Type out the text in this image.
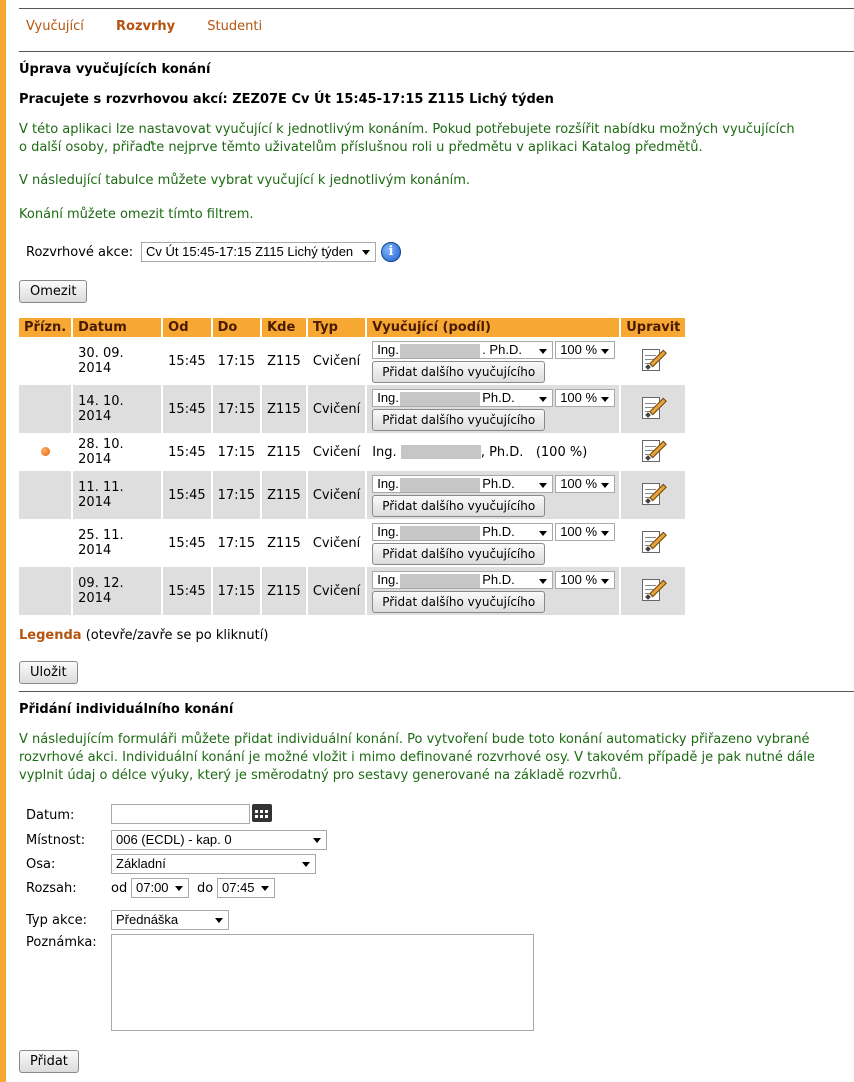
Vyučující Rozvrhy Studenti
Úprava vyučujících konání
Pracujete s rozvrhovou akcí: ZEZ07E Cv Út 15:45-17:15 Z115 Lichý týden
V této aplikaci lze nastavovat vyučující k jednotlivým konáním. Pokud potřebujete rozšířit nabídku možných vyučujících
o další osoby, přiřaďte nejprve těmto uživatelům příslušnou roli u předmětu v aplikaci Katalog předmětů.
V následující tabulce můžete vybrat vyučující k jednotlivým konáním.
Konání můžete omezit tímto filtrem.
Rozvrhové akce: Cv Út 15:45-17:15 Z115 Lichý týden	i
Omezit
Přízn.	Datum	Od	Do	Kde	Typ	Vyučující (podíl)	Upravit
	30. 09. 2014	15:45	17:15	Z115	Cvičení	Ing. . Ph.D. 100 %
Přidat dalšího vyučujícího	

	14. 10. 2014	15:45	17:15	Z115	Cvičení	Ing. Ph.D. 100 %
Přidat dalšího vyučujícího	

	28. 10. 2014	15:45	17:15	Z115	Cvičení	Ing. , Ph.D. (100 %)	

	11. 11. 2014	15:45	17:15	Z115	Cvičení	Ing. Ph.D. 100 %
Přidat dalšího vyučujícího	

	25. 11. 2014	15:45	17:15	Z115	Cvičení	Ing. Ph.D. 100 %
Přidat dalšího vyučujícího	

	09. 12. 2014	15:45	17:15	Z115	Cvičení	Ing. Ph.D. 100 %
Přidat dalšího vyučujícího	

Legenda (otevře/zavře se po kliknutí)
Uložit
Přidání individuálního konání
V následujícím formuláři můžete přidat individuální konání. Po vytvoření bude toto konání automaticky přiřazeno vybrané
rozvrhové akci. Individuální konání je možné vložit i mimo definované rozvrhové osy. V takovém případě je pak nutné dále
vyplnit údaj o délce výuky, který je směrodatný pro sestavy generované na základě rozvrhů.
Datum:
Místnost:	006 (ECDL) - kap. 0
Osa:	Základní
Rozsah:	od 07:00	do 07:45
Typ akce:	Přednáška
Poznámka:
Přidat
